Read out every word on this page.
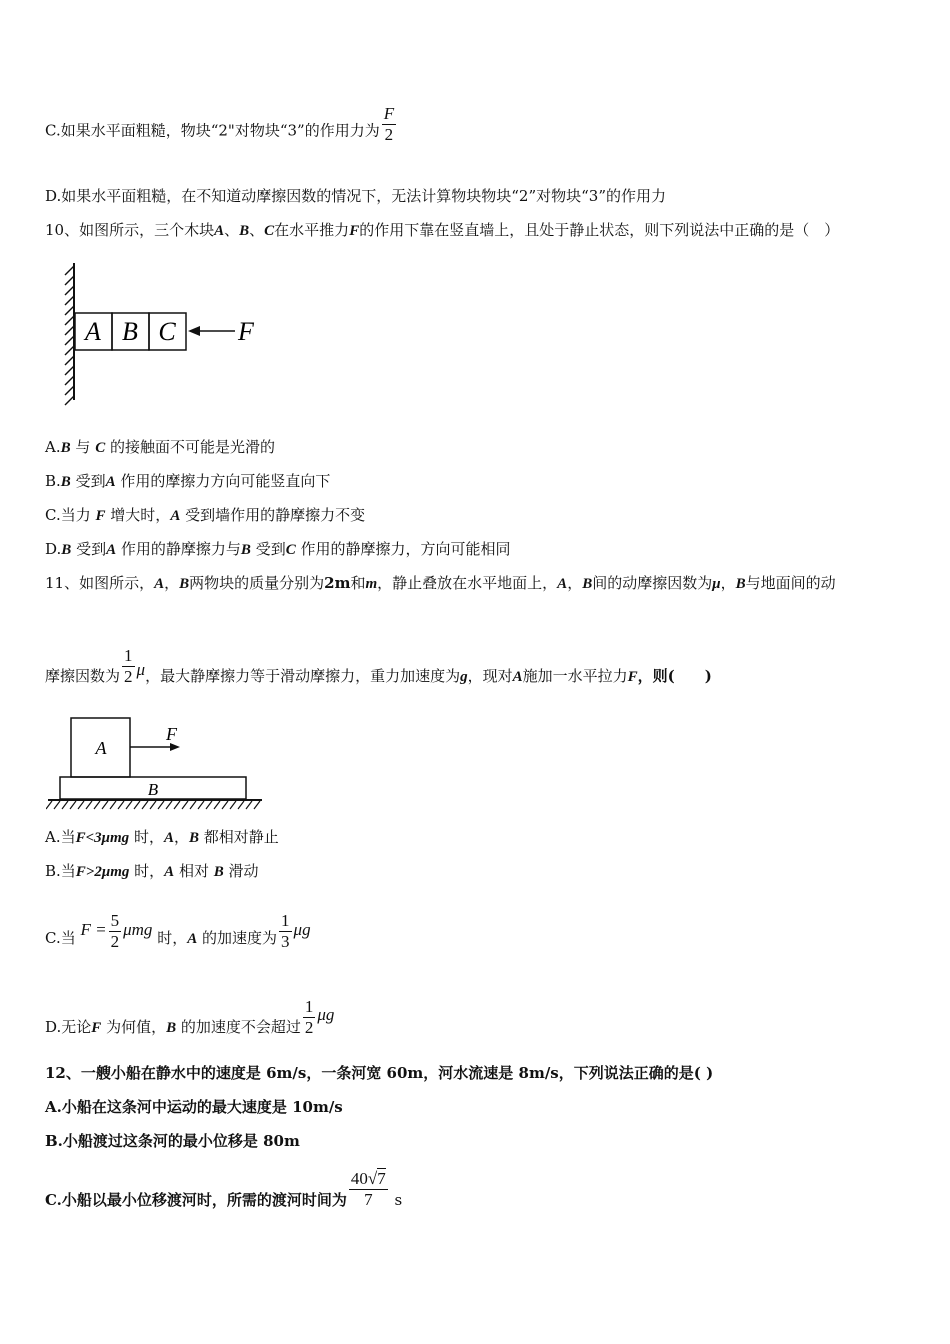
C.如果水平面粗糙，物块“2"对物块“3”的作用力为 $\frac{F}{2}$
D.如果水平面粗糙，在不知道动摩擦因数的情况下，无法计算物块物块“2”对物块“3”的作用力
10、如图所示，三个木块A、B、C在水平推力F的作用下靠在竖直墙上，且处于静止状态，则下列说法中正确的是（　）
A B C F
A.B 与 C 的接触面不可能是光滑的
B.B 受到A 作用的摩擦力方向可能竖直向下
C.当力 F 增大时，A 受到墙作用的静摩擦力不变
D.B 受到A 作用的静摩擦力与B 受到C 作用的静摩擦力，方向可能相同
11、如图所示，A，B两物块的质量分别为2m和m，静止叠放在水平地面上，A，B间的动摩擦因数为μ，B与地面间的动
摩擦因数为 $\frac{1}{2}$ μ，最大静摩擦力等于滑动摩擦力，重力加速度为g，现对A施加一水平拉力F，则(　　)
A
F
B
A.当F<3μmg 时，A，B 都相对静止
B.当F>2μmg 时，A 相对 B 滑动
C.当 $F = \frac{5}{2}$ μmg 时，A 的加速度为 $\frac{1}{3}$ μg
D.无论F 为何值，B 的加速度不会超过 $\frac{1}{2}$ μg
12、一艘小船在静水中的速度是 6m/s，一条河宽 60m，河水流速是 8m/s，下列说法正确的是( )
A.小船在这条河中运动的最大速度是 10m/s
B.小船渡过这条河的最小位移是 80m
C.小船以最小位移渡河时，所需的渡河时间为 $\frac{40√7}{7}$ s
